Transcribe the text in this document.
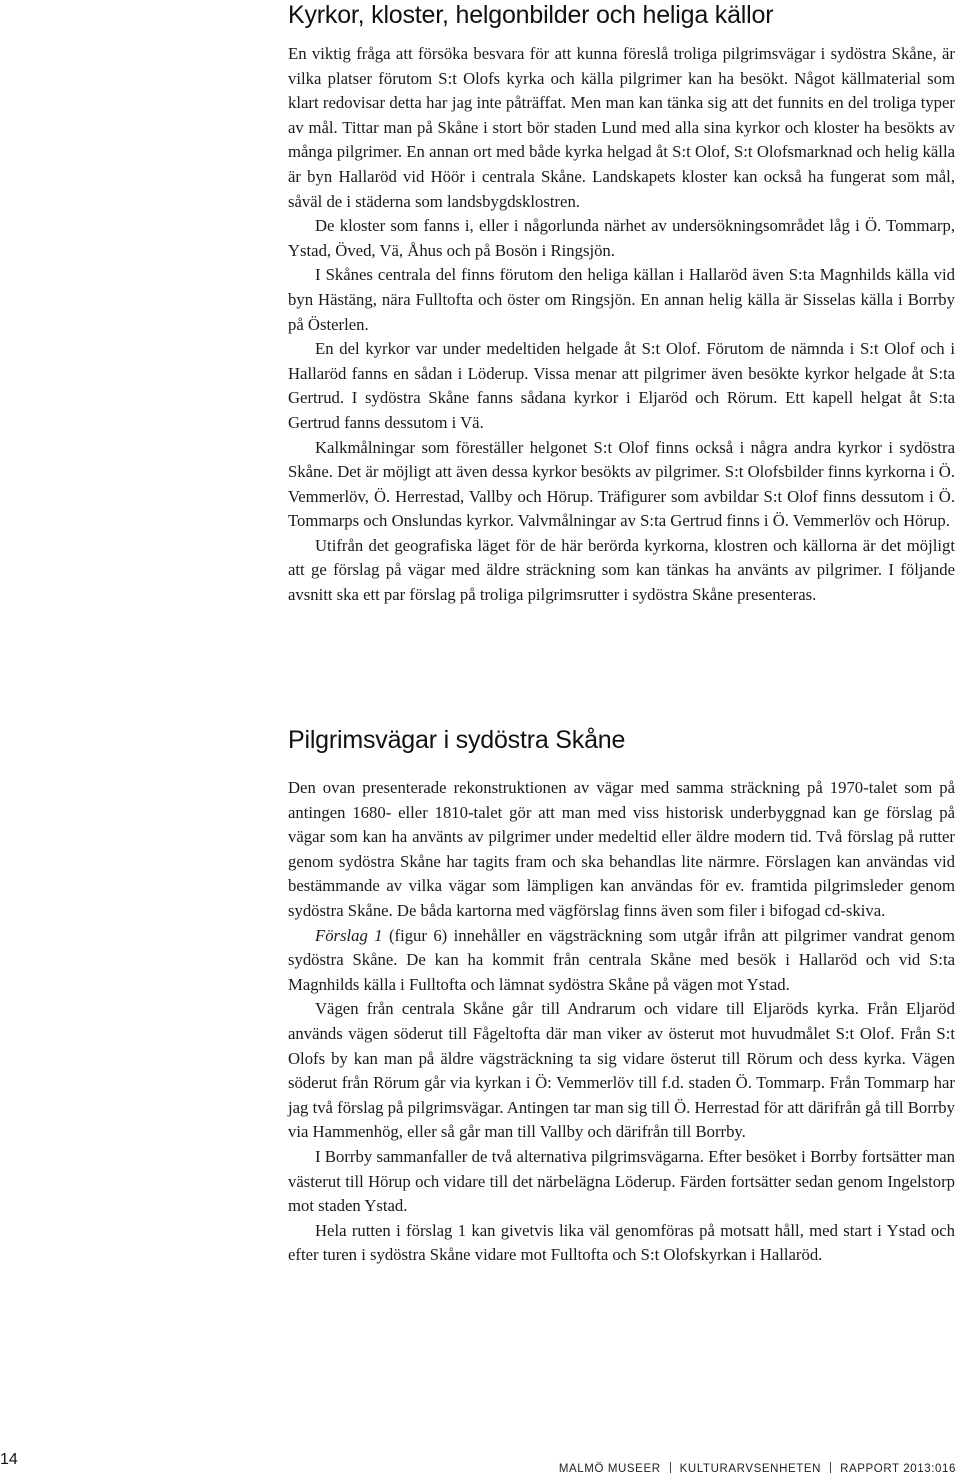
Kyrkor, kloster, helgonbilder och heliga källor

En viktig fråga att försöka besvara för att kunna föreslå troliga pilgrimsvägar i sydöstra Skåne, är vilka platser förutom S:t Olofs kyrka och källa pilgrimer kan ha besökt. Något källmaterial som klart redovisar detta har jag inte påträffat. Men man kan tänka sig att det funnits en del troliga typer av mål. Tittar man på Skåne i stort bör staden Lund med alla sina kyrkor och kloster ha besökts av många pilgrimer. En annan ort med både kyrka helgad åt S:t Olof, S:t Olofsmarknad och helig källa är byn Hallaröd vid Höör i centrala Skåne. Landskapets kloster kan också ha fungerat som mål, såväl de i städerna som landsbygdsklostren.

De kloster som fanns i, eller i någorlunda närhet av undersökningsområdet låg i Ö. Tommarp, Ystad, Öved, Vä, Åhus och på Bosön i Ringsjön.

I Skånes centrala del finns förutom den heliga källan i Hallaröd även S:ta Magnhilds källa vid byn Hästäng, nära Fulltofta och öster om Ringsjön. En annan helig källa är Sisselas källa i Borrby på Österlen.

En del kyrkor var under medeltiden helgade åt S:t Olof. Förutom de nämnda i S:t Olof och i Hallaröd fanns en sådan i Löderup. Vissa menar att pilgrimer även besökte kyrkor helgade åt S:ta Gertrud. I sydöstra Skåne fanns sådana kyrkor i Eljaröd och Rörum. Ett kapell helgat åt S:ta Gertrud fanns dessutom i Vä.

Kalkmålningar som föreställer helgonet S:t Olof finns också i några andra kyrkor i sydöstra Skåne. Det är möjligt att även dessa kyrkor besökts av pilgrimer. S:t Olofsbilder finns kyrkorna i Ö. Vemmerlöv, Ö. Herrestad, Vallby och Hörup. Träfigurer som avbildar S:t Olof finns dessutom i Ö. Tommarps och Onslundas kyrkor. Valvmålningar av S:ta Gertrud finns i Ö. Vemmerlöv och Hörup.

Utifrån det geografiska läget för de här berörda kyrkorna, klostren och källorna är det möjligt att ge förslag på vägar med äldre sträckning som kan tänkas ha använts av pilgrimer. I följande avsnitt ska ett par förslag på troliga pilgrimsrutter i sydöstra Skåne presenteras.

Pilgrimsvägar i sydöstra Skåne

Den ovan presenterade rekonstruktionen av vägar med samma sträckning på 1970-talet som på antingen 1680- eller 1810-talet gör att man med viss historisk underbyggnad kan ge förslag på vägar som kan ha använts av pilgrimer under medeltid eller äldre modern tid. Två förslag på rutter genom sydöstra Skåne har tagits fram och ska behandlas lite närmre. Förslagen kan användas vid bestämmande av vilka vägar som lämpligen kan användas för ev. framtida pilgrimsleder genom sydöstra Skåne. De båda kartorna med vägförslag finns även som filer i bifogad cd-skiva.

Förslag 1 (figur 6) innehåller en vägsträckning som utgår ifrån att pilgrimer vandrat genom sydöstra Skåne. De kan ha kommit från centrala Skåne med besök i Hallaröd och vid S:ta Magnhilds källa i Fulltofta och lämnat sydöstra Skåne på vägen mot Ystad.

Vägen från centrala Skåne går till Andrarum och vidare till Eljaröds kyrka. Från Eljaröd används vägen söderut till Fågeltofta där man viker av österut mot huvudmålet S:t Olof. Från S:t Olofs by kan man på äldre vägsträckning ta sig vidare österut till Rörum och dess kyrka. Vägen söderut från Rörum går via kyrkan i Ö: Vemmerlöv till f.d. staden Ö. Tommarp. Från Tommarp har jag två förslag på pilgrimsvägar. Antingen tar man sig till Ö. Herrestad för att därifrån gå till Borrby via Hammenhög, eller så går man till Vallby och därifrån till Borrby.

I Borrby sammanfaller de två alternativa pilgrimsvägarna. Efter besöket i Borrby fortsätter man västerut till Hörup och vidare till det närbelägna Löderup. Färden fortsätter sedan genom Ingelstorp mot staden Ystad.

Hela rutten i förslag 1 kan givetvis lika väl genomföras på motsatt håll, med start i Ystad och efter turen i sydöstra Skåne vidare mot Fulltofta och S:t Olofskyrkan i Hallaröd.

14
MALMÖ MUSEER KULTURARVSENHETEN RAPPORT 2013:016
